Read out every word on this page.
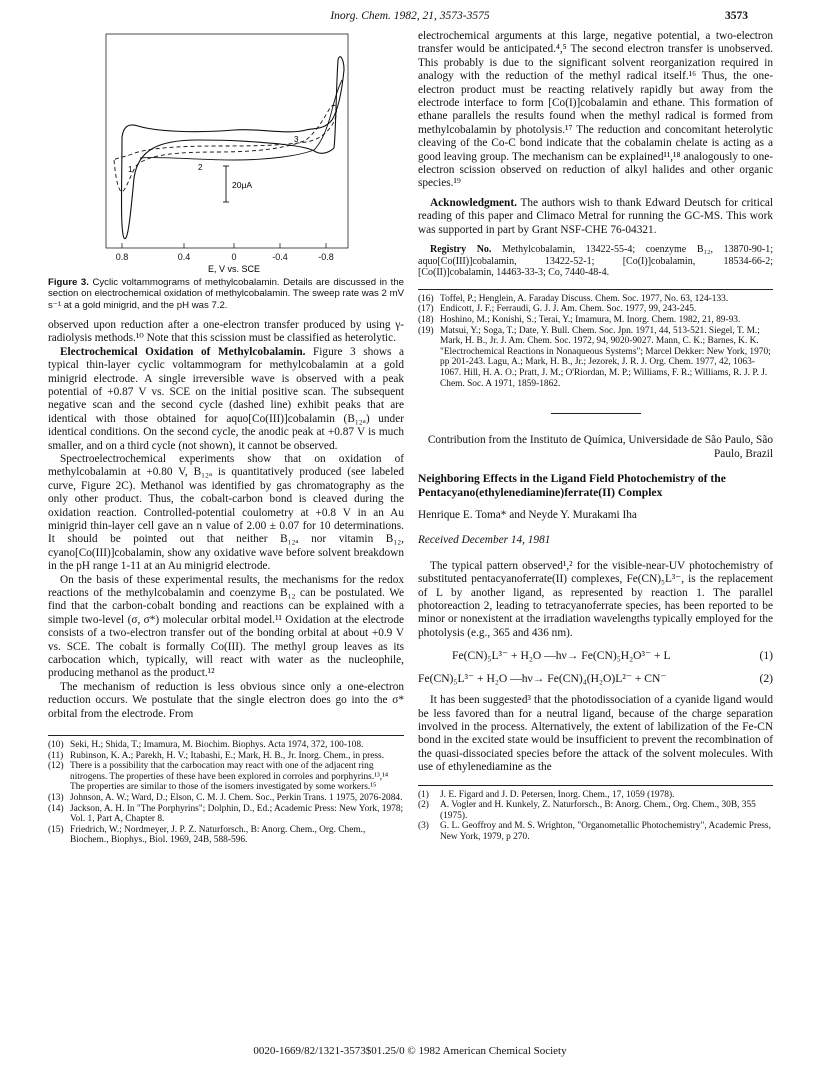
Inorg. Chem. 1982, 21, 3573-3575	3573
1	2
3
20μA
0.8	0.4	0	-0.4	-0.8
E, V vs. SCE
Figure 3. Cyclic voltammograms of methylcobalamin. Details are discussed in the section on electrochemical oxidation of methylcobalamin. The sweep rate was 2 mV s⁻¹ at a gold minigrid, and the pH was 7.2.

observed upon reduction after a one-electron transfer produced by using γ-radiolysis methods.¹⁰ Note that this scission must be classified as heterolytic.

Electrochemical Oxidation of Methylcobalamin. Figure 3 shows a typical thin-layer cyclic voltammogram for methylcobalamin at a gold minigrid electrode. A single irreversible wave is observed with a peak potential of +0.87 V vs. SCE on the initial positive scan. The subsequent negative scan and the second cycle (dashed line) exhibit peaks that are identical with those obtained for aquo[Co(III)]cobalamin (B₁₂ₐ) under identical conditions. On the second cycle, the anodic peak at +0.87 V is much smaller, and on a third cycle (not shown), it cannot be observed.

Spectroelectrochemical experiments show that on oxidation of methylcobalamin at +0.80 V, B₁₂ₐ is quantitatively produced (see labeled curve, Figure 2C). Methanol was identified by gas chromatography as the only other product. Thus, the cobalt-carbon bond is cleaved during the oxidation reaction. Controlled-potential coulometry at +0.8 V in an Au minigrid thin-layer cell gave an n value of 2.00 ± 0.07 for 10 determinations. It should be pointed out that neither B₁₂ₐ nor vitamin B₁₂, cyano[Co(III)]cobalamin, show any oxidative wave before solvent breakdown in the pH range 1-11 at an Au minigrid electrode.

On the basis of these experimental results, the mechanisms for the redox reactions of the methylcobalamin and coenzyme B₁₂ can be postulated. We find that the carbon-cobalt bonding and reactions can be explained with a simple two-level (σ, σ*) molecular orbital model.¹¹ Oxidation at the electrode consists of a two-electron transfer out of the bonding orbital at about +0.9 V vs. SCE. The cobalt is formally Co(III). The methyl group leaves as its carbocation which, typically, will react with water as the nucleophile, producing methanol as the product.¹²

The mechanism of reduction is less obvious since only a one-electron reduction occurs. We postulate that the single electron does go into the σ* orbital from the electrode. From

(10) Seki, H.; Shida, T.; Imamura, M. Biochim. Biophys. Acta 1974, 372, 100-108.
(11) Rubinson, K. A.; Parekh, H. V.; Itabashi, E.; Mark, H. B., Jr. Inorg. Chem., in press.
(12) There is a possibility that the carbocation may react with one of the adjacent ring nitrogens. The properties of these have been explored in corroles and porphyrins.¹³,¹⁴ The properties are similar to those of the isomers investigated by some workers.¹⁵
(13) Johnson, A. W.; Ward, D.; Elson, C. M. J. Chem. Soc., Perkin Trans. 1 1975, 2076-2084.
(14) Jackson, A. H. In "The Porphyrins"; Dolphin, D., Ed.; Academic Press: New York, 1978; Vol. 1, Part A, Chapter 8.
(15) Friedrich, W.; Nordmeyer, J. P. Z. Naturforsch., B: Anorg. Chem., Org. Chem., Biochem., Biophys., Biol. 1969, 24B, 588-596.

electrochemical arguments at this large, negative potential, a two-electron transfer would be anticipated.⁴,⁵ The second electron transfer is unobserved. This probably is due to the significant solvent reorganization required in analogy with the reduction of the methyl radical itself.¹⁶ Thus, the one-electron product must be reacting relatively rapidly but away from the electrode interface to form [Co(I)]cobalamin and ethane. This formation of ethane parallels the results found when the methyl radical is formed from methylcobalamin by photolysis.¹⁷ The reduction and concomitant heterolytic cleaving of the Co-C bond indicate that the cobalamin chelate is acting as a good leaving group. The mechanism can be explained¹¹,¹⁸ analogously to one-electron scission observed on reduction of alkyl halides and other organic species.¹⁹

Acknowledgment. The authors wish to thank Edward Deutsch for critical reading of this paper and Climaco Metral for running the GC-MS. This work was supported in part by Grant NSF-CHE 76-04321.

Registry No. Methylcobalamin, 13422-55-4; coenzyme B₁₂, 13870-90-1; aquo[Co(III)]cobalamin, 13422-52-1; [Co(I)]cobalamin, 18534-66-2; [Co(II)]cobalamin, 14463-33-3; Co, 7440-48-4.

(16) Toffel, P.; Henglein, A. Faraday Discuss. Chem. Soc. 1977, No. 63, 124-133.
(17) Endicott, J. F.; Ferraudi, G. J. J. Am. Chem. Soc. 1977, 99, 243-245.
(18) Hoshino, M.; Konishi, S.; Terai, Y.; Imamura, M. Inorg. Chem. 1982, 21, 89-93.
(19) Matsui, Y.; Soga, T.; Date, Y. Bull. Chem. Soc. Jpn. 1971, 44, 513-521. Siegel, T. M.; Mark, H. B., Jr. J. Am. Chem. Soc. 1972, 94, 9020-9027. Mann, C. K.; Barnes, K. K. "Electrochemical Reactions in Nonaqueous Systems"; Marcel Dekker: New York, 1970; pp 201-243. Lagu, A.; Mark, H. B., Jr.; Jezorek, J. R. J. Org. Chem. 1977, 42, 1063-1067. Hill, H. A. O.; Pratt, J. M.; O'Riordan, M. P.; Williams, F. R.; Williams, R. J. P. J. Chem. Soc. A 1971, 1859-1862.
Contribution from the Instituto de Química, Universidade de São Paulo, São Paulo, Brazil
Neighboring Effects in the Ligand Field Photochemistry of the Pentacyano(ethylenediamine)ferrate(II) Complex
Henrique E. Toma* and Neyde Y. Murakami Iha
Received December 14, 1981

The typical pattern observed¹,² for the visible-near-UV photochemistry of substituted pentacyanoferrate(II) complexes, Fe(CN)₅L³⁻, is the replacement of L by another ligand, as represented by reaction 1. The parallel photoreaction 2, leading to tetracyanoferrate species, has been reported to be minor or nonexistent at the irradiation wavelengths typically employed for the photolysis (e.g., 365 and 436 nm).

Fe(CN)₅L³⁻ + H₂O —hν→ Fe(CN)₅H₂O³⁻ + L	(1)
Fe(CN)₅L³⁻ + H₂O —hν→ Fe(CN)₄(H₂O)L²⁻ + CN⁻	(2)

It has been suggested³ that the photodissociation of a cyanide ligand would be less favored than for a neutral ligand, because of the charge separation involved in the process. Alternatively, the extent of labilization of the Fe-CN bond in the excited state would be insufficient to prevent the recombination of the quasi-dissociated species before the attack of the solvent molecules. With use of ethylenediamine as the

(1)	J. E. Figard and J. D. Petersen, Inorg. Chem., 17, 1059 (1978).
(2)	A. Vogler and H. Kunkely, Z. Naturforsch., B: Anorg. Chem., Org. Chem., 30B, 355 (1975).
(3)	G. L. Geoffroy and M. S. Wrighton, "Organometallic Photochemistry", Academic Press, New York, 1979, p 270.
0020-1669/82/1321-3573$01.25/0 © 1982 American Chemical Society
